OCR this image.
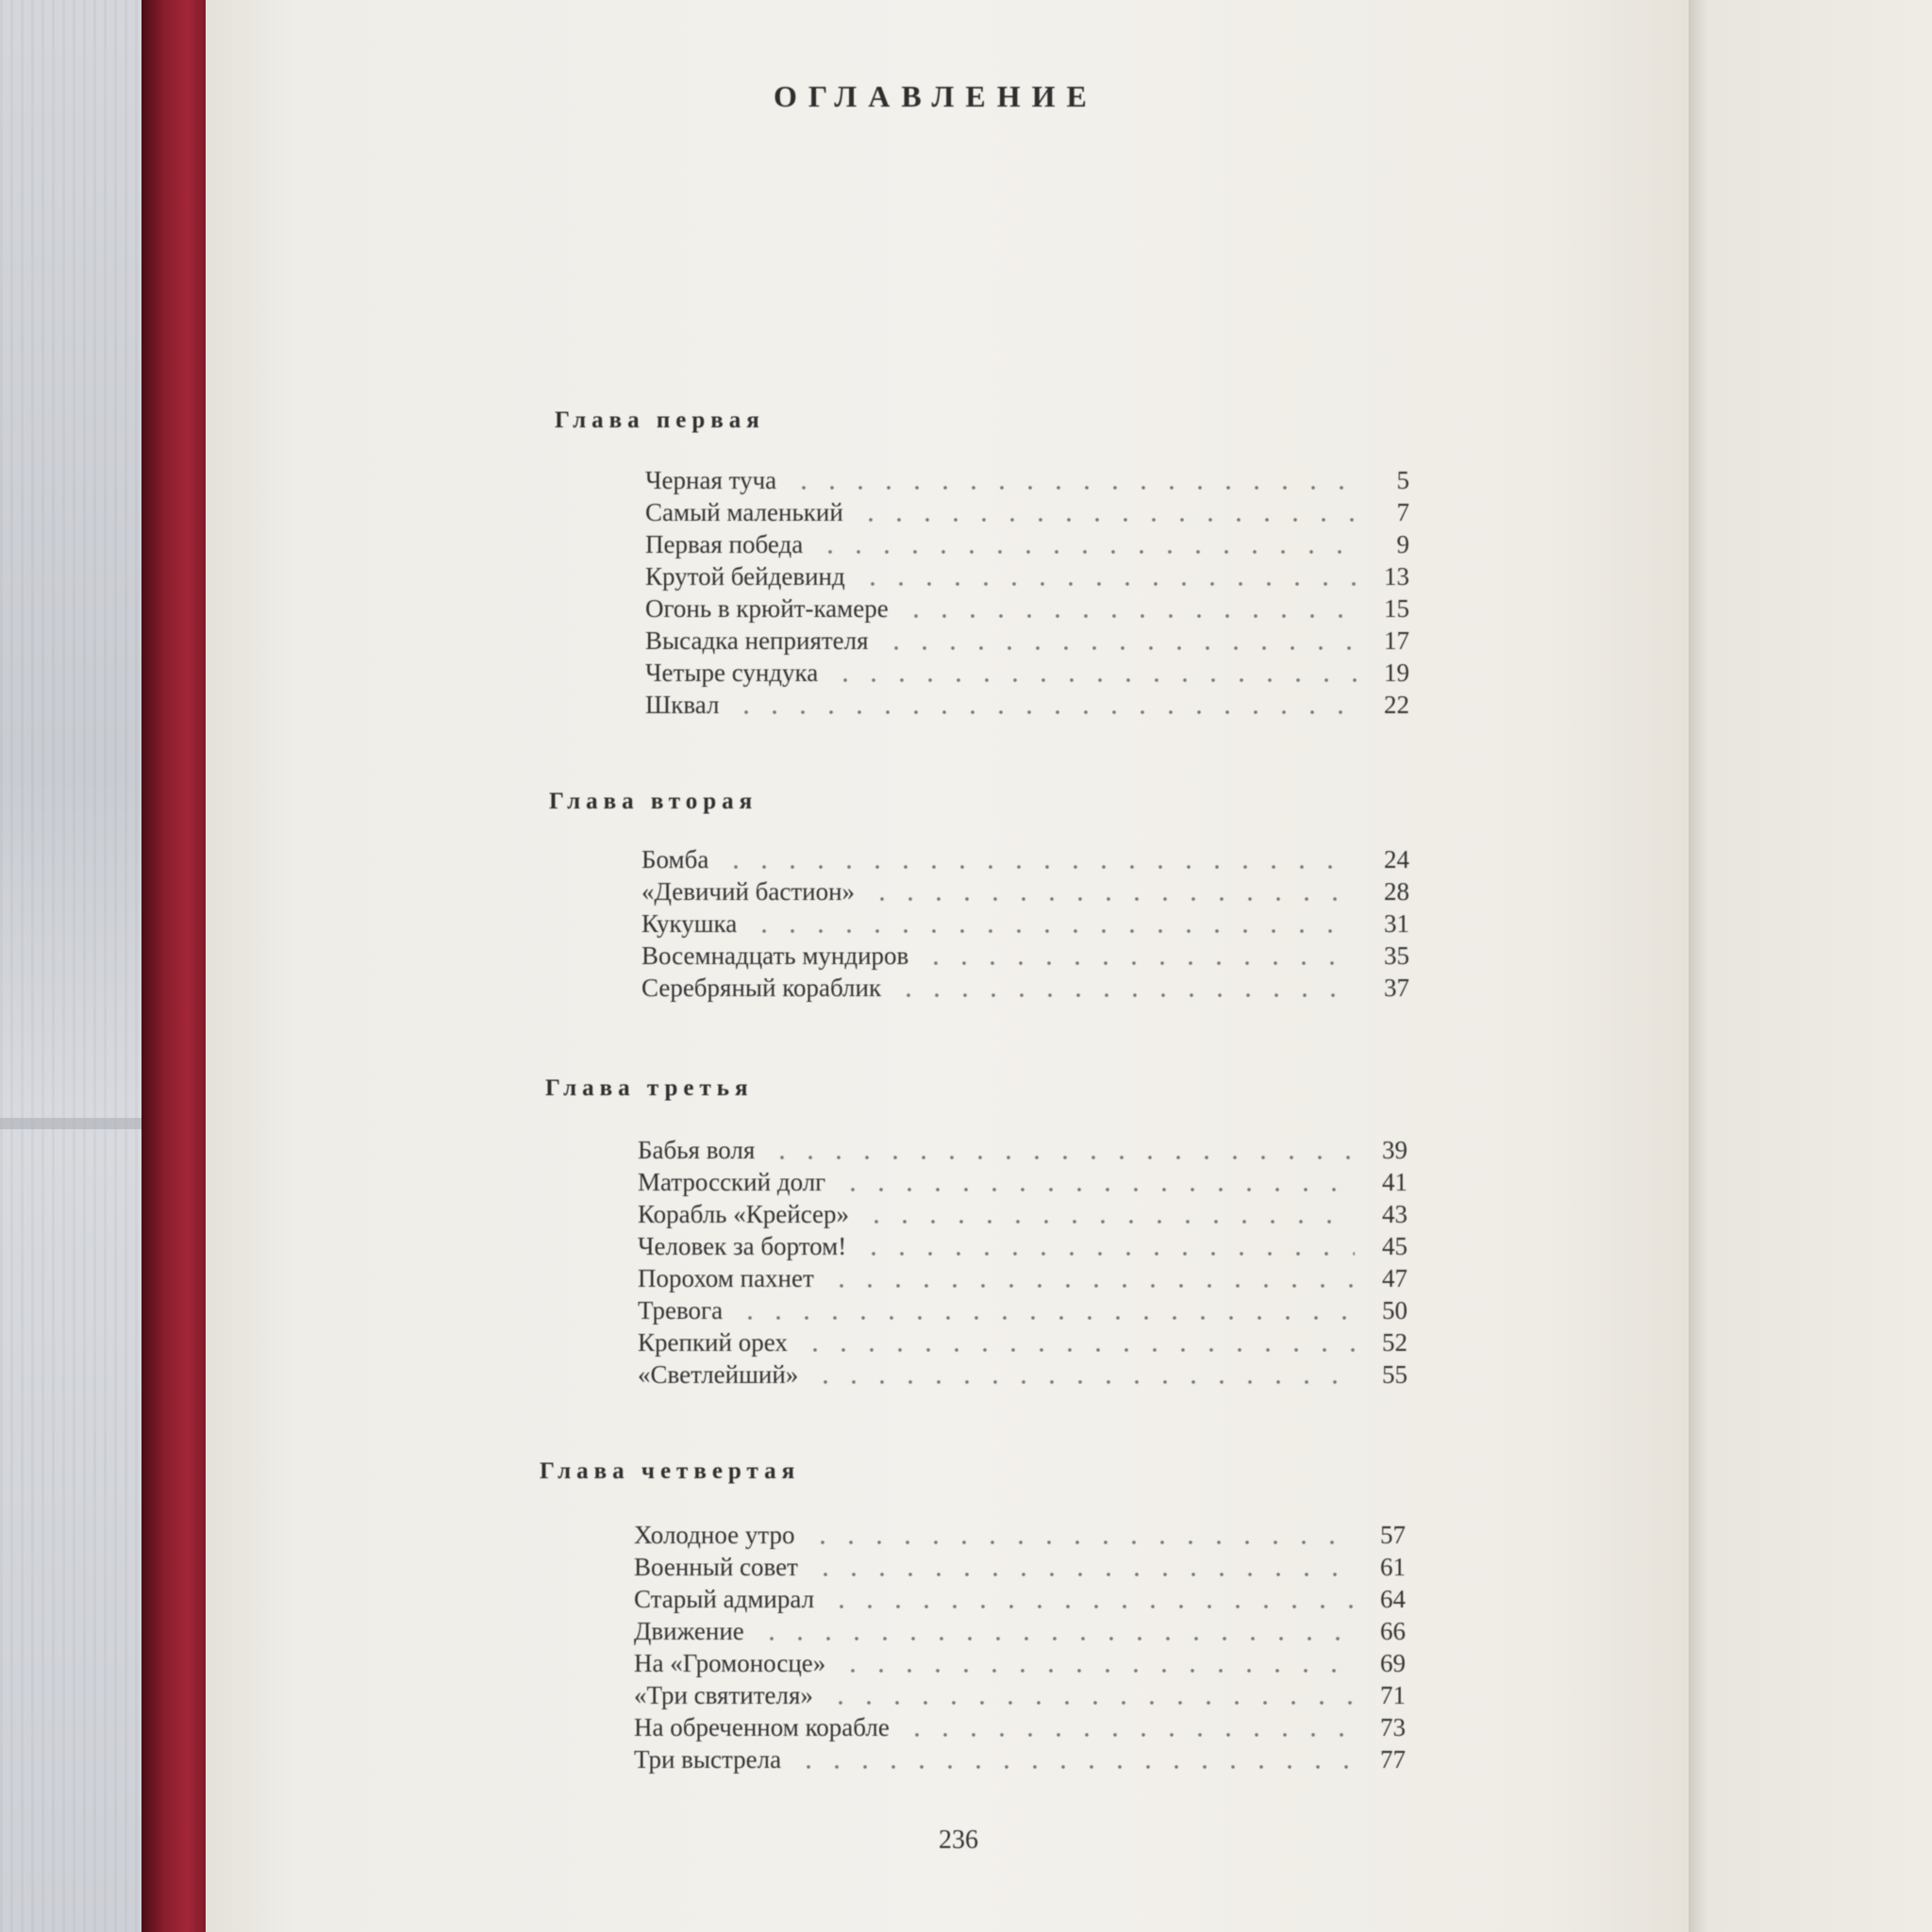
ОГЛАВЛЕНИЕ
Глава первая
Черная туча	5
Самый маленький	7
Первая победа	9
Крутой бейдевинд	13
Огонь в крюйт-камере	15
Высадка неприятеля	17
Четыре сундука	19
Шквал	22
Глава вторая
Бомба	24
«Девичий бастион»	28
Кукушка	31
Восемнадцать мундиров	35
Серебряный кораблик	37
Глава третья
Бабья воля	39
Матросский долг	41
Корабль «Крейсер»	43
Человек за бортом!	45
Порохом пахнет	47
Тревога	50
Крепкий орех	52
«Светлейший»	55
Глава четвертая
Холодное утро	57
Военный совет	61
Старый адмирал	64
Движение	66
На «Громоносце»	69
«Три святителя»	71
На обреченном корабле	73
Три выстрела	77
236
